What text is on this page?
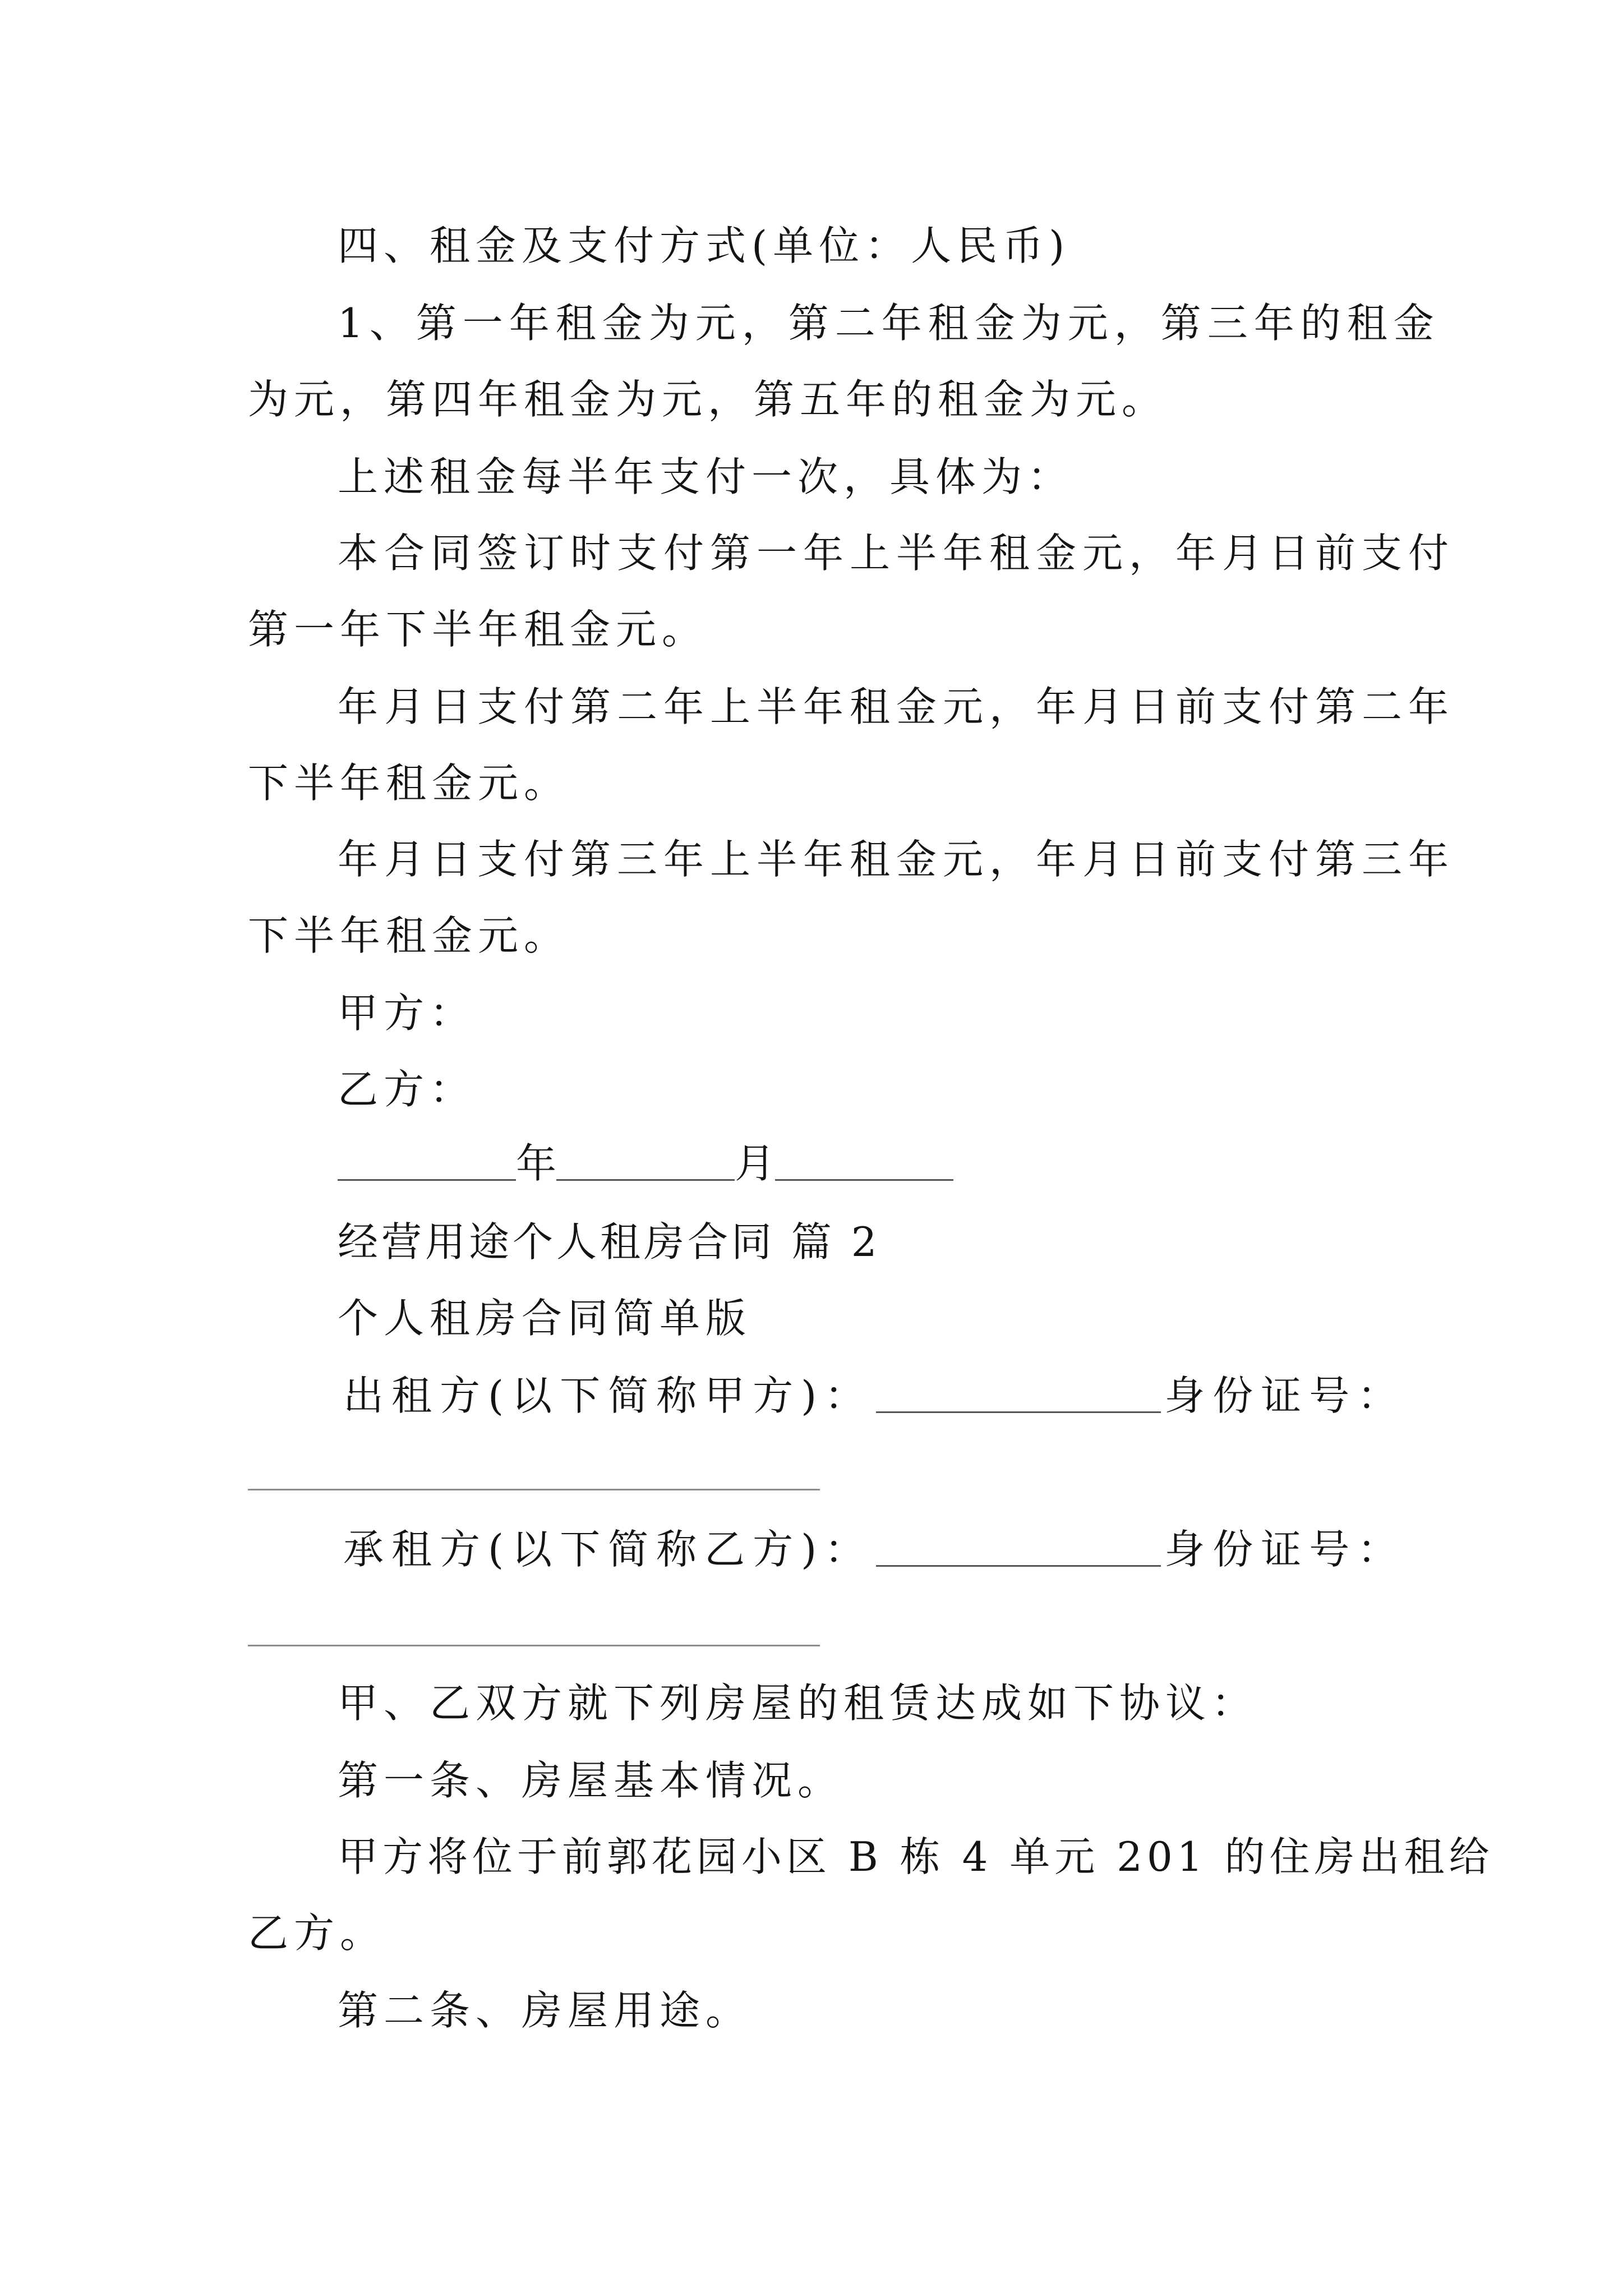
四、租金及支付方式(单位：人民币)
1、第一年租金为元，第二年租金为元，第三年的租金
为元，第四年租金为元，第五年的租金为元。
上述租金每半年支付一次，具体为：
本合同签订时支付第一年上半年租金元，年月日前支付
第一年下半年租金元。
年月日支付第二年上半年租金元，年月日前支付第二年
下半年租金元。
年月日支付第三年上半年租金元，年月日前支付第三年
下半年租金元。
甲方：
乙方：
年	月
经营用途个人租房合同 篇 2
个人租房合同简单版
出租方(以下简称甲方)：	身份证号：
承租方(以下简称乙方)：	身份证号：
甲、乙双方就下列房屋的租赁达成如下协议：
第一条、房屋基本情况。
甲方将位于前郭花园小区 B 栋 4 单元 201 的住房出租给
乙方。
第二条、房屋用途。
